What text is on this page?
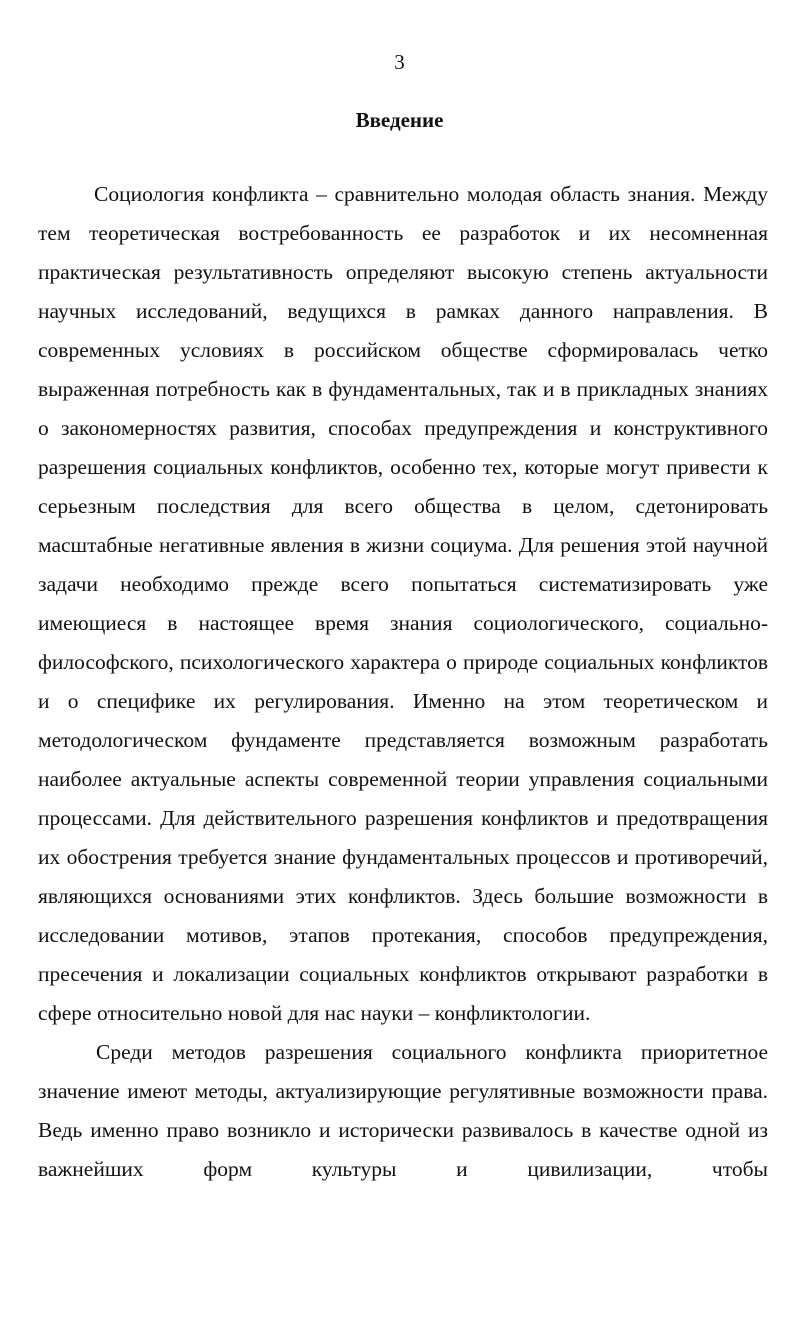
3
Введение

Социология конфликта – сравнительно молодая область знания. Между тем теоретическая востребованность ее разработок и их несомненная практическая результативность определяют высокую степень актуальности научных исследований, ведущихся в рамках данного направления. В современных условиях в российском обществе сформировалась четко выраженная потребность как в фундаментальных, так и в прикладных знаниях о закономерностях развития, способах предупреждения и конструктивного разрешения социальных конфликтов, особенно тех, которые могут привести к серьезным последствия для всего общества в целом, сдетонировать масштабные негативные явления в жизни социума. Для решения этой научной задачи необходимо прежде всего попытаться систематизировать уже имеющиеся в настоящее время знания социологического, социально-философского, психологического характера о природе социальных конфликтов и о специфике их регулирования. Именно на этом теоретическом и методологическом фундаменте представляется возможным разработать наиболее актуальные аспекты современной теории управления социальными процессами. Для действительного разрешения конфликтов и предотвращения их обострения требуется знание фундаментальных процессов и противоречий, являющихся основаниями этих конфликтов. Здесь большие возможности в исследовании мотивов, этапов протекания, способов предупреждения, пресечения и локализации социальных конфликтов открывают разработки в сфере относительно новой для нас науки – конфликтологии.

Среди методов разрешения социального конфликта приоритетное значение имеют методы, актуализирующие регулятивные возможности права. Ведь именно право возникло и исторически развивалось в качестве одной из важнейших форм культуры и цивилизации, чтобы
